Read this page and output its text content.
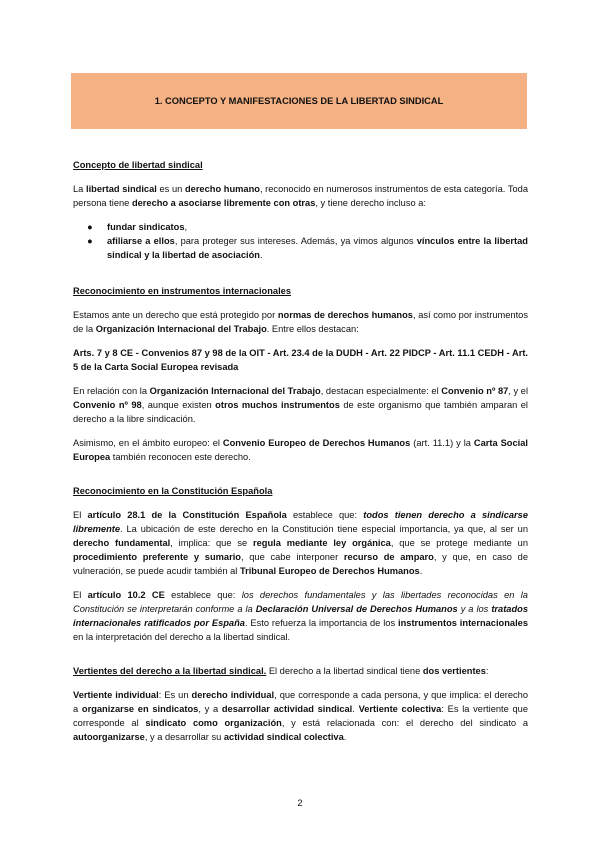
1. CONCEPTO Y MANIFESTACIONES DE LA LIBERTAD SINDICAL
Concepto de libertad sindical

La libertad sindical es un derecho humano, reconocido en numerosos instrumentos de esta categoría. Toda persona tiene derecho a asociarse libremente con otras, y tiene derecho incluso a:

● fundar sindicatos,
● afiliarse a ellos, para proteger sus intereses. Además, ya vimos algunos vínculos entre la libertad sindical y la libertad de asociación.
Reconocimiento en instrumentos internacionales

Estamos ante un derecho que está protegido por normas de derechos humanos, así como por instrumentos de la Organización Internacional del Trabajo. Entre ellos destacan:

Arts. 7 y 8 CE - Convenios 87 y 98 de la OIT - Art. 23.4 de la DUDH - Art. 22 PIDCP - Art. 11.1 CEDH - Art. 5 de la Carta Social Europea revisada

En relación con la Organización Internacional del Trabajo, destacan especialmente: el Convenio nº 87, y el Convenio nº 98, aunque existen otros muchos instrumentos de este organismo que también amparan el derecho a la libre sindicación.

Asimismo, en el ámbito europeo: el Convenio Europeo de Derechos Humanos (art. 11.1) y la Carta Social Europea también reconocen este derecho.

Reconocimiento en la Constitución Española

El artículo 28.1 de la Constitución Española establece que: todos tienen derecho a sindicarse libremente. La ubicación de este derecho en la Constitución tiene especial importancia, ya que, al ser un derecho fundamental, implica: que se regula mediante ley orgánica, que se protege mediante un procedimiento preferente y sumario, que cabe interponer recurso de amparo, y que, en caso de vulneración, se puede acudir también al Tribunal Europeo de Derechos Humanos.

El artículo 10.2 CE establece que: los derechos fundamentales y las libertades reconocidas en la Constitución se interpretarán conforme a la Declaración Universal de Derechos Humanos y a los tratados internacionales ratificados por España. Esto refuerza la importancia de los instrumentos internacionales en la interpretación del derecho a la libertad sindical.

Vertientes del derecho a la libertad sindical. El derecho a la libertad sindical tiene dos vertientes:

Vertiente individual: Es un derecho individual, que corresponde a cada persona, y que implica: el derecho a organizarse en sindicatos, y a desarrollar actividad sindical. Vertiente colectiva: Es la vertiente que corresponde al sindicato como organización, y está relacionada con: el derecho del sindicato a autoorganizarse, y a desarrollar su actividad sindical colectiva.

2
